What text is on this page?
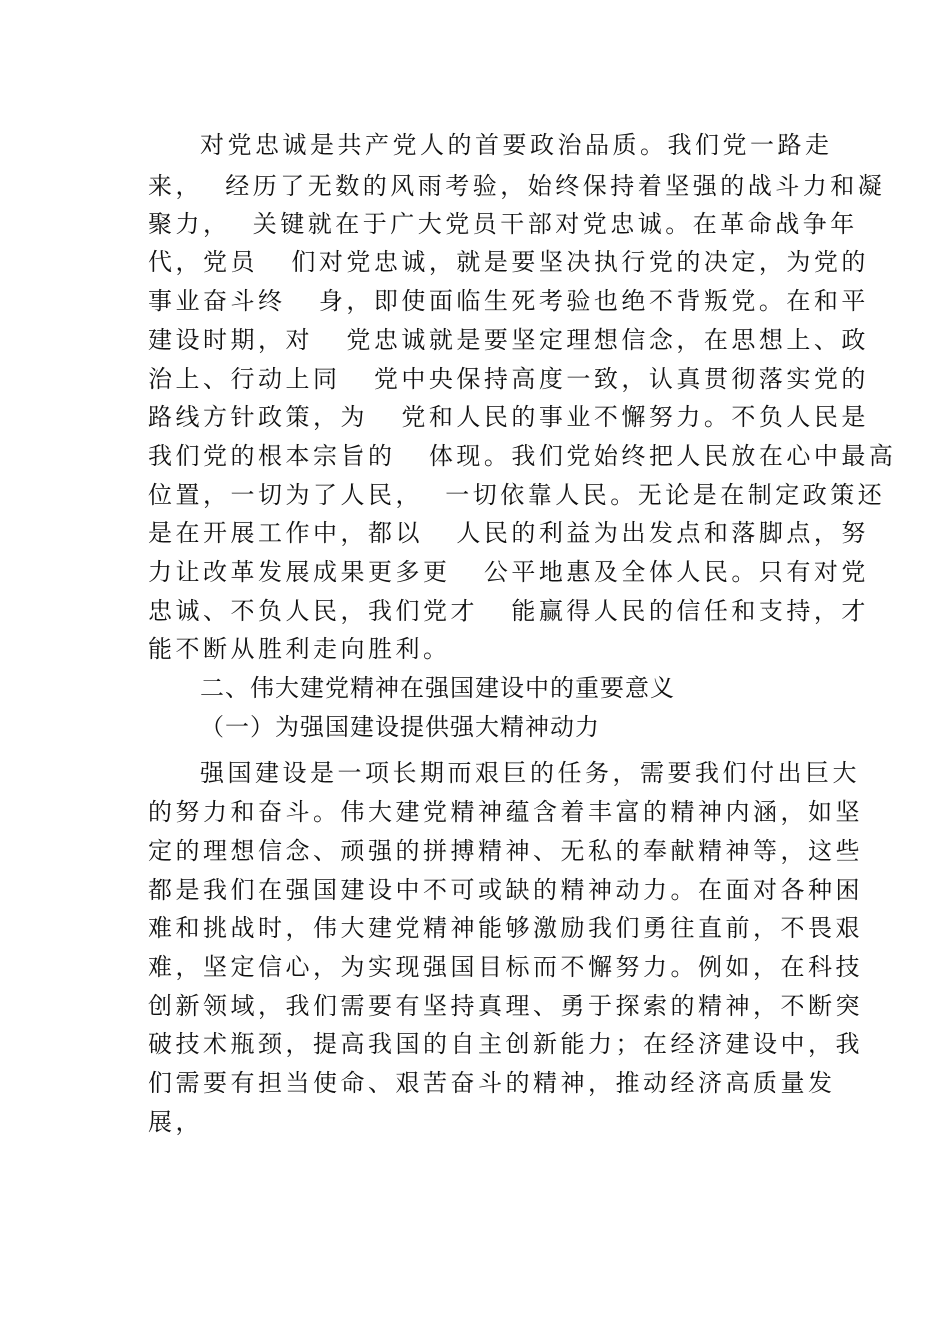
对党忠诚是共产党人的首要政治品质。我们党一路走
来，  经历了无数的风雨考验，始终保持着坚强的战斗力和凝
聚力，  关键就在于广大党员干部对党忠诚。在革命战争年
代，党员   们对党忠诚，就是要坚决执行党的决定，为党的
事业奋斗终   身，即使面临生死考验也绝不背叛党。在和平
建设时期，对   党忠诚就是要坚定理想信念，在思想上、政
治上、行动上同   党中央保持高度一致，认真贯彻落实党的
路线方针政策，为   党和人民的事业不懈努力。不负人民是
我们党的根本宗旨的   体现。我们党始终把人民放在心中最高
位置，一切为了人民，  一切依靠人民。无论是在制定政策还
是在开展工作中，都以   人民的利益为出发点和落脚点，努
力让改革发展成果更多更   公平地惠及全体人民。只有对党
忠诚、不负人民，我们党才   能赢得人民的信任和支持，才
能不断从胜利走向胜利。
二、伟大建党精神在强国建设中的重要意义
（一）为强国建设提供强大精神动力
强国建设是一项长期而艰巨的任务，需要我们付出巨大
的努力和奋斗。伟大建党精神蕴含着丰富的精神内涵，如坚
定的理想信念、顽强的拼搏精神、无私的奉献精神等，这些
都是我们在强国建设中不可或缺的精神动力。在面对各种困
难和挑战时，伟大建党精神能够激励我们勇往直前，不畏艰
难，坚定信心，为实现强国目标而不懈努力。例如，在科技
创新领域，我们需要有坚持真理、勇于探索的精神，不断突
破技术瓶颈，提高我国的自主创新能力；在经济建设中，我
们需要有担当使命、艰苦奋斗的精神，推动经济高质量发
展，
